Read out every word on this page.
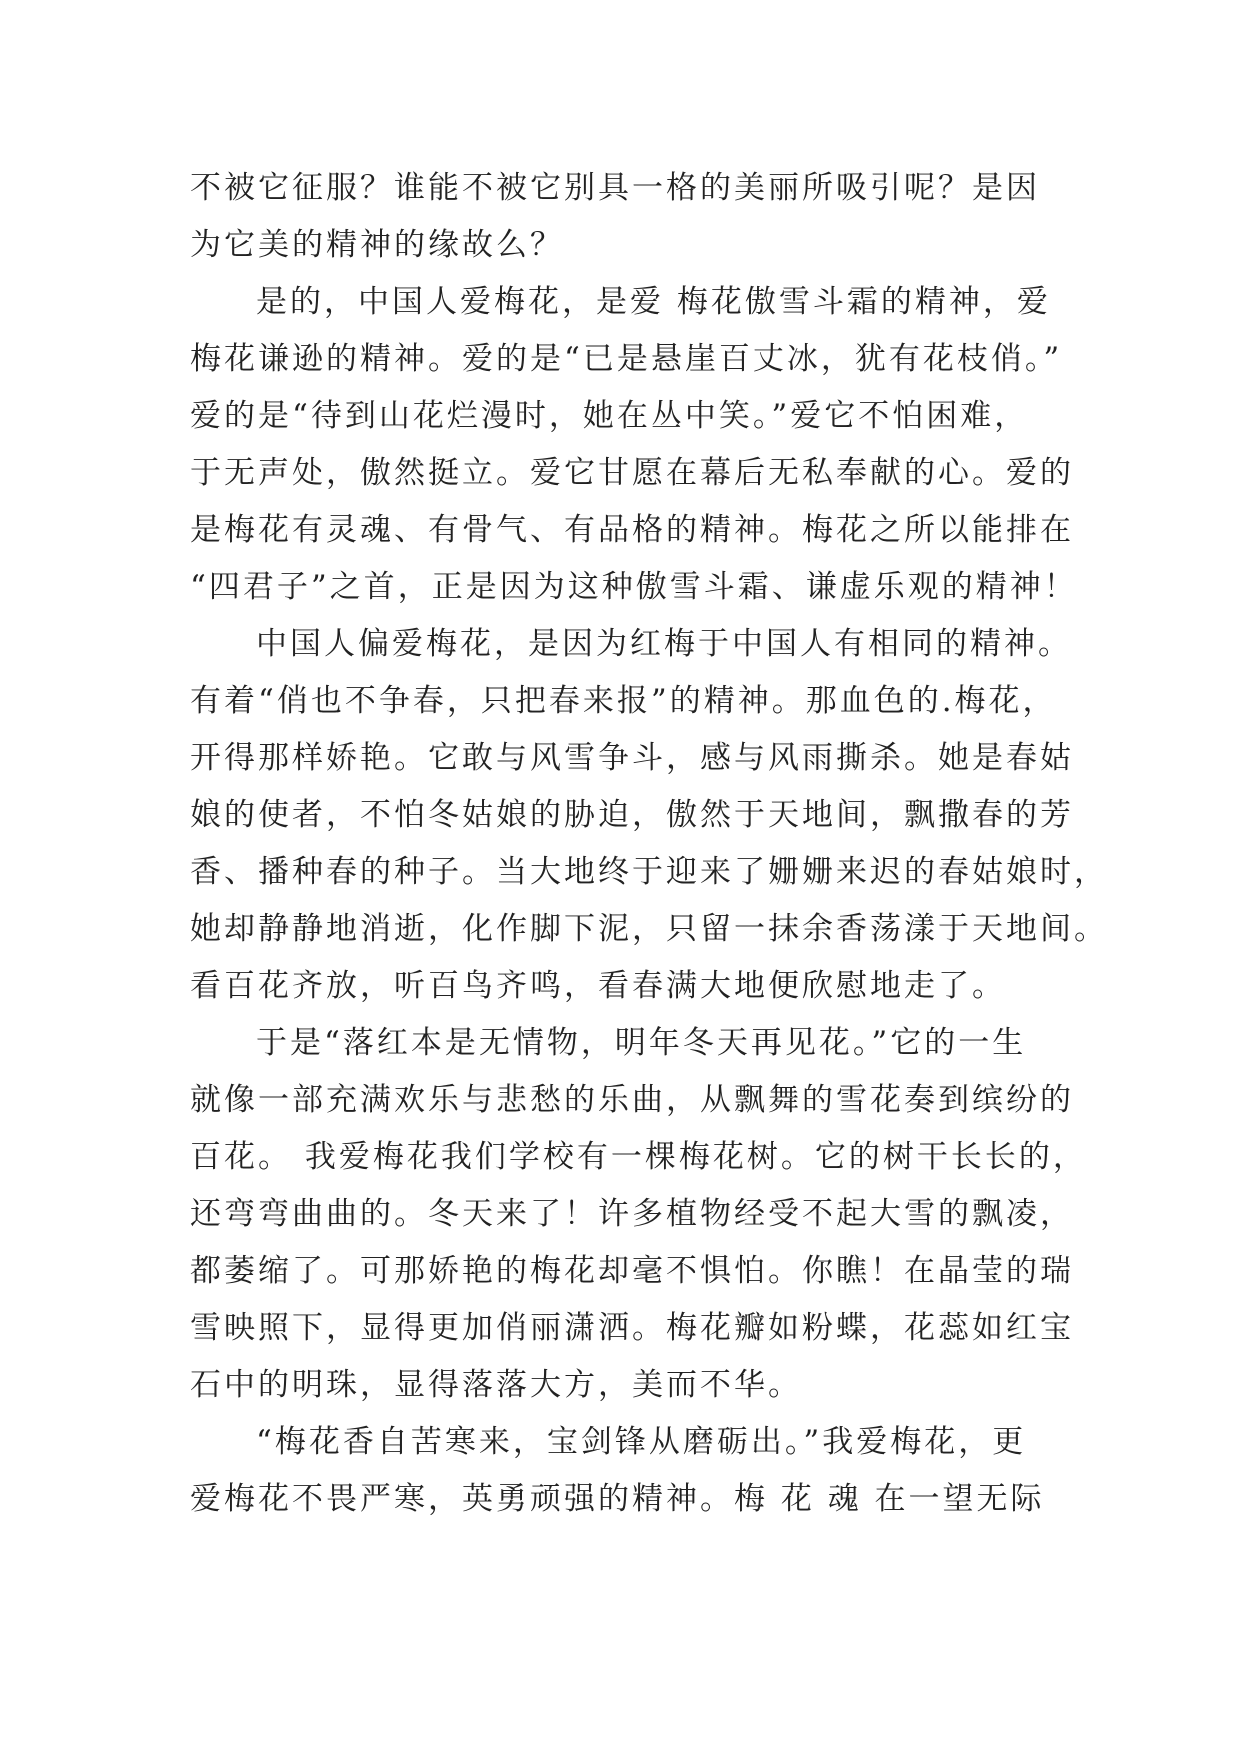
不被它征服？谁能不被它别具一格的美丽所吸引呢？是因
为它美的精神的缘故么？
是的，中国人爱梅花，是爱 梅花傲雪斗霜的精神，爱
梅花谦逊的精神。爱的是“已是悬崖百丈冰，犹有花枝俏。”
爱的是“待到山花烂漫时，她在丛中笑。”爱它不怕困难，
于无声处，傲然挺立。爱它甘愿在幕后无私奉献的心。爱的
是梅花有灵魂、有骨气、有品格的精神。梅花之所以能排在
“四君子”之首，正是因为这种傲雪斗霜、谦虚乐观的精神！
中国人偏爱梅花，是因为红梅于中国人有相同的精神。
有着“俏也不争春，只把春来报”的精神。那血色的.梅花，
开得那样娇艳。它敢与风雪争斗，感与风雨撕杀。她是春姑
娘的使者，不怕冬姑娘的胁迫，傲然于天地间，飘撒春的芳
香、播种春的种子。当大地终于迎来了姗姗来迟的春姑娘时，
她却静静地消逝，化作脚下泥，只留一抹余香荡漾于天地间。
看百花齐放，听百鸟齐鸣，看春满大地便欣慰地走了。
于是“落红本是无情物，明年冬天再见花。”它的一生
就像一部充满欢乐与悲愁的乐曲，从飘舞的雪花奏到缤纷的
百花。 我爱梅花我们学校有一棵梅花树。它的树干长长的，
还弯弯曲曲的。冬天来了！许多植物经受不起大雪的飘凌，
都萎缩了。可那娇艳的梅花却毫不惧怕。你瞧！在晶莹的瑞
雪映照下，显得更加俏丽潇洒。梅花瓣如粉蝶，花蕊如红宝
石中的明珠，显得落落大方，美而不华。
“梅花香自苦寒来，宝剑锋从磨砺出。”我爱梅花，更
爱梅花不畏严寒，英勇顽强的精神。梅 花 魂 在一望无际
